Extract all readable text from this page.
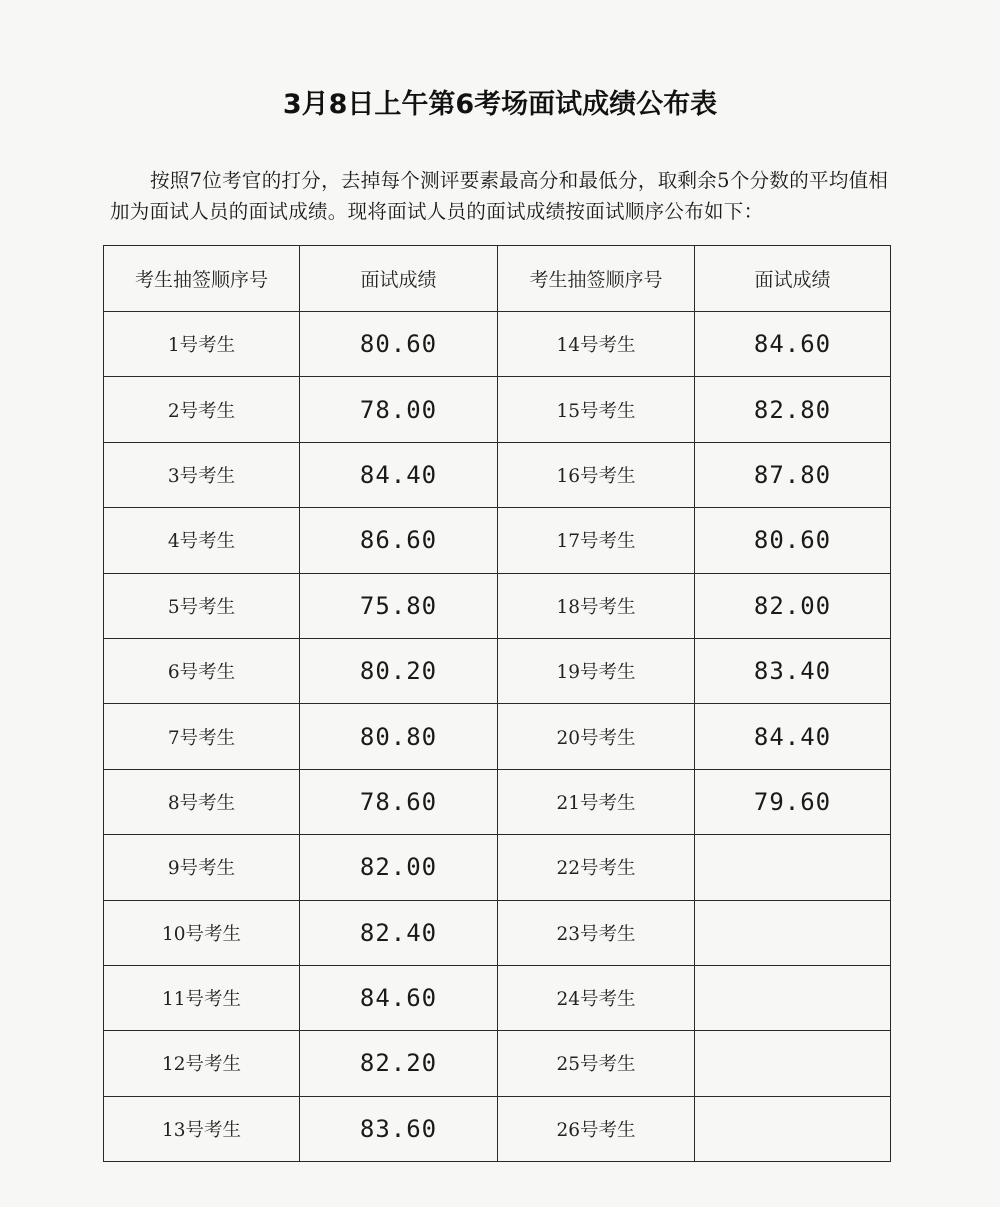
3月8日上午第6考场面试成绩公布表
按照7位考官的打分，去掉每个测评要素最高分和最低分，取剩余5个分数的平均值相加为面试人员的面试成绩。现将面试人员的面试成绩按面试顺序公布如下：
考生抽签顺序号	面试成绩	考生抽签顺序号	面试成绩
1号考生	80.60	14号考生	84.60
2号考生	78.00	15号考生	82.80
3号考生	84.40	16号考生	87.80
4号考生	86.60	17号考生	80.60
5号考生	75.80	18号考生	82.00
6号考生	80.20	19号考生	83.40
7号考生	80.80	20号考生	84.40
8号考生	78.60	21号考生	79.60
9号考生	82.00	22号考生	
10号考生	82.40	23号考生	
11号考生	84.60	24号考生	
12号考生	82.20	25号考生	
13号考生	83.60	26号考生	
